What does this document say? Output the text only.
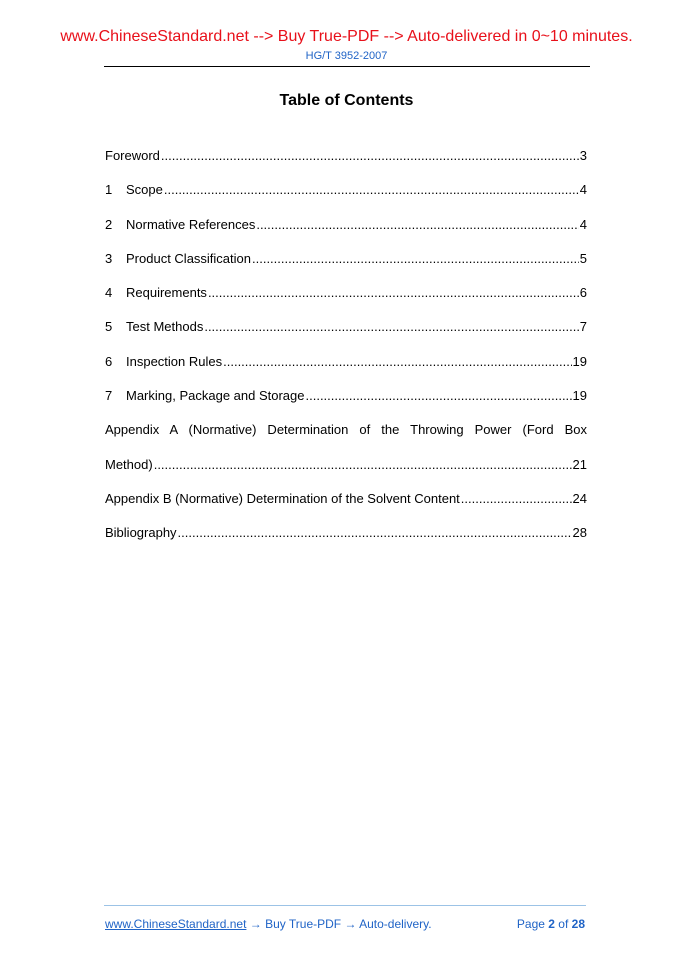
www.ChineseStandard.net --> Buy True-PDF --> Auto-delivered in 0~10 minutes.
HG/T 3952-2007
Table of Contents
Foreword .....	3
1	Scope .....	4
2	Normative References .....	4
3	Product Classification .....	5
4	Requirements .....	6
5	Test Methods .....	7
6	Inspection Rules .....	19
7	Marking, Package and Storage .....	19
Appendix A (Normative) Determination of the Throwing Power (Ford Box
Method) .....	21
Appendix B (Normative) Determination of the Solvent Content .....	24
Bibliography .....	28
www.ChineseStandard.net → Buy True-PDF → Auto-delivery.	Page 2 of 28
